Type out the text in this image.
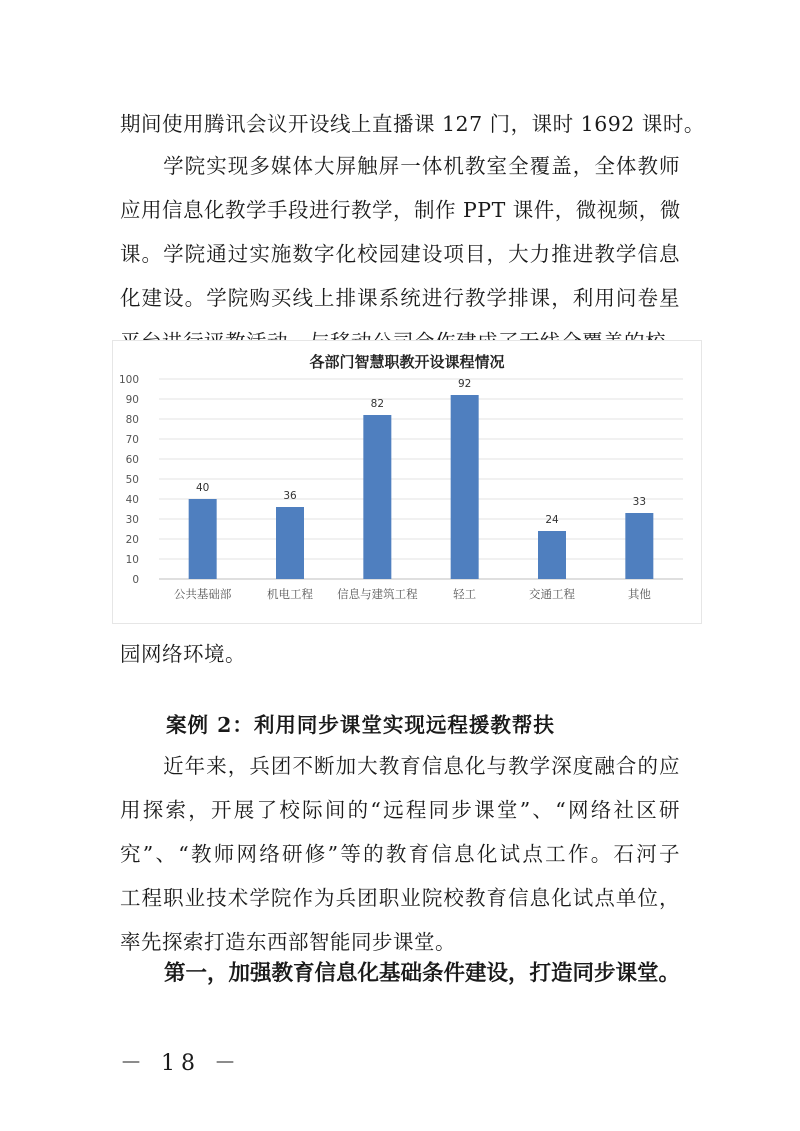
期间使用腾讯会议开设线上直播课 127 门，课时 1692 课时。
　　学院实现多媒体大屏触屏一体机教室全覆盖，全体教师
应用信息化教学手段进行教学，制作 PPT 课件，微视频，微
课。学院通过实施数字化校园建设项目，大力推进教学信息
化建设。学院购买线上排课系统进行教学排课，利用问卷星
各部门智慧职教开设课程情况
0
10
20
30
40
50
60
70
80
90
100
40
公共基础部
36
机电工程
82
信息与建筑工程
92
轻工
24
交通工程
33
其他
园网络环境。

案例 2：利用同步课堂实现远程援教帮扶

　　近年来，兵团不断加大教育信息化与教学深度融合的应
用探索，开展了校际间的“远程同步课堂”、“网络社区研
究”、“教师网络研修”等的教育信息化试点工作。石河子
工程职业技术学院作为兵团职业院校教育信息化试点单位，
率先探索打造东西部智能同步课堂。

第一，加强教育信息化基础条件建设，打造同步课堂。

－ 18 －
